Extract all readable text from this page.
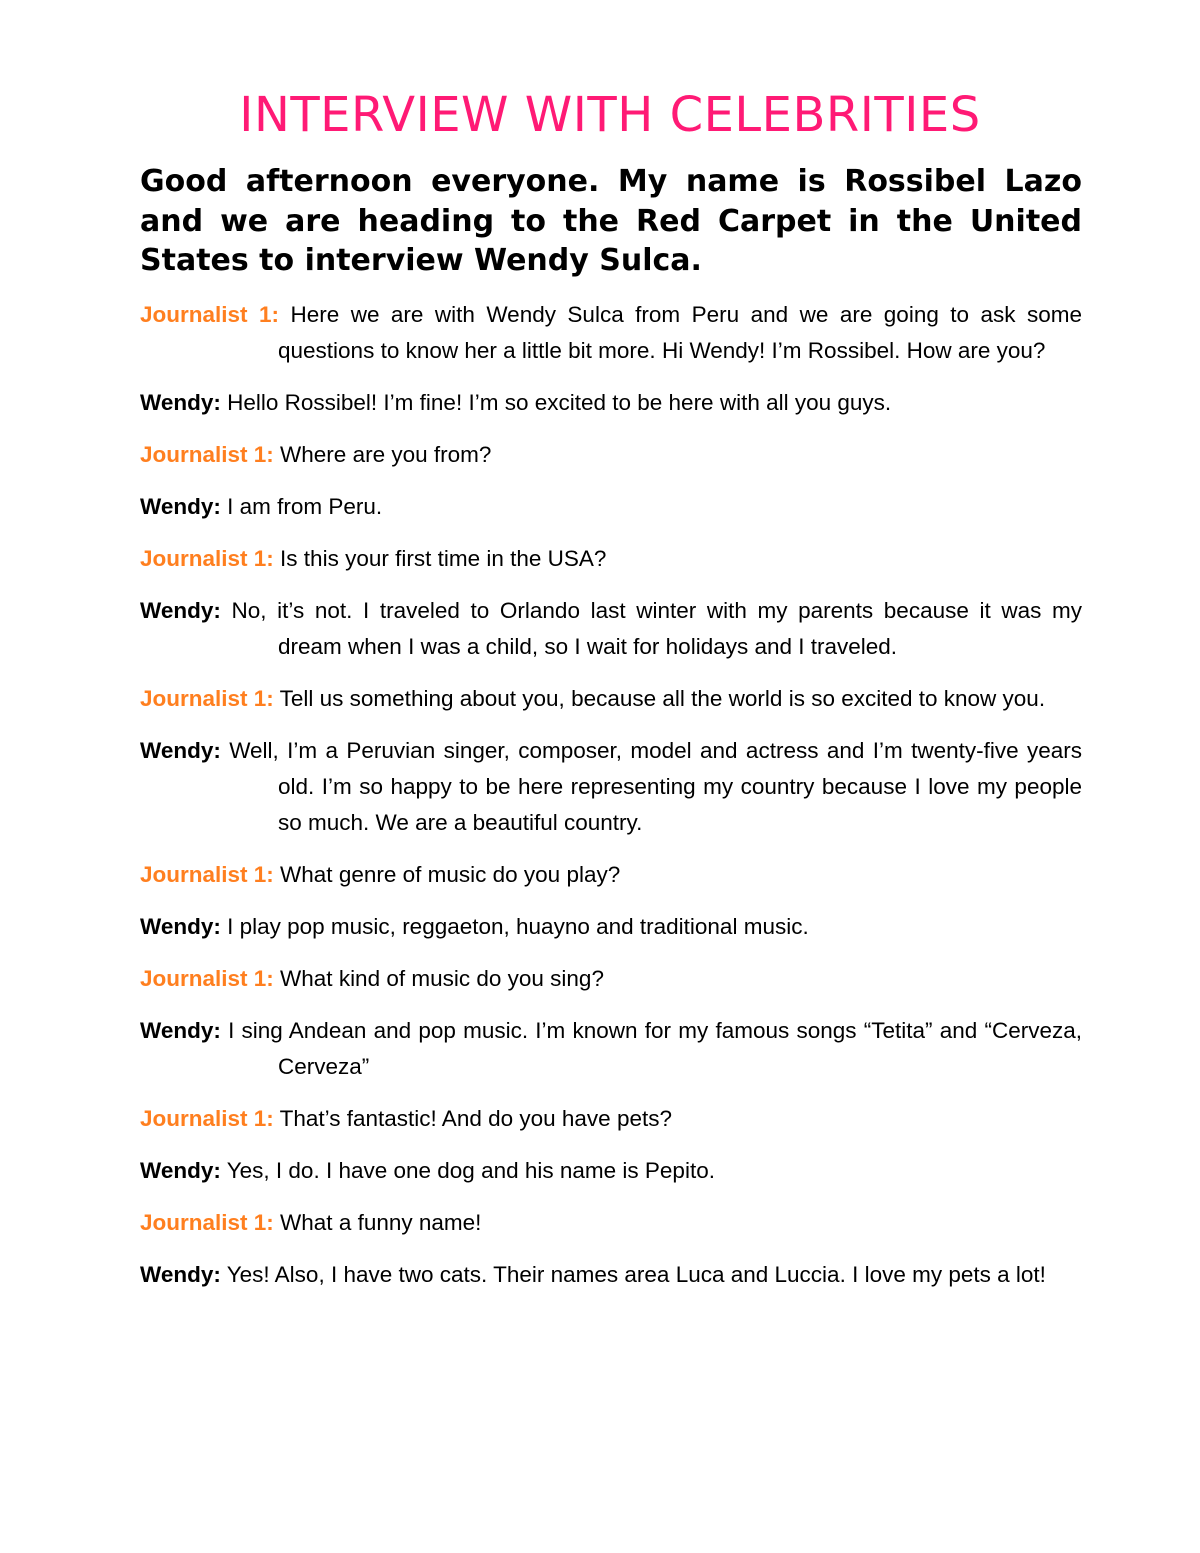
INTERVIEW WITH CELEBRITIES
Good afternoon everyone. My name is Rossibel Lazo and we are heading to the Red Carpet in the United States to interview Wendy Sulca.

Journalist 1: Here we are with Wendy Sulca from Peru and we are going to ask some questions to know her a little bit more. Hi Wendy! I’m Rossibel. How are you?

Wendy: Hello Rossibel! I’m fine! I’m so excited to be here with all you guys.

Journalist 1: Where are you from?

Wendy: I am from Peru.

Journalist 1: Is this your first time in the USA?

Wendy: No, it’s not. I traveled to Orlando last winter with my parents because it was my dream when I was a child, so I wait for holidays and I traveled.

Journalist 1: Tell us something about you, because all the world is so excited to know you.

Wendy: Well, I’m a Peruvian singer, composer, model and actress and I’m twenty-five years old. I’m so happy to be here representing my country because I love my people so much. We are a beautiful country.

Journalist 1: What genre of music do you play?

Wendy: I play pop music, reggaeton, huayno and traditional music.

Journalist 1: What kind of music do you sing?

Wendy: I sing Andean and pop music. I’m known for my famous songs “Tetita” and “Cerveza, Cerveza”

Journalist 1: That’s fantastic! And do you have pets?

Wendy: Yes, I do. I have one dog and his name is Pepito.

Journalist 1: What a funny name!

Wendy: Yes! Also, I have two cats. Their names area Luca and Luccia. I love my pets a lot!
